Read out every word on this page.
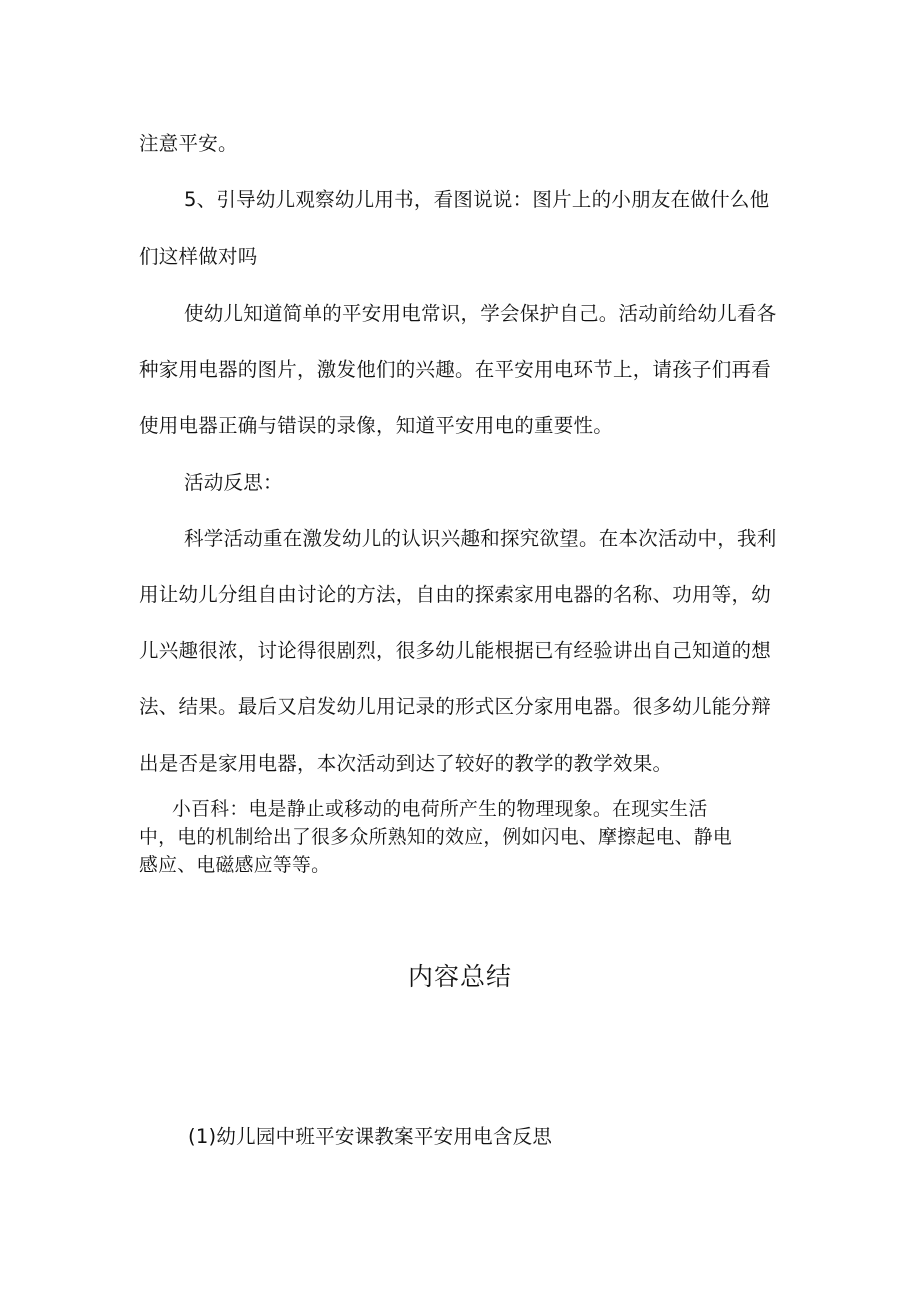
注意平安。
5、引导幼儿观察幼儿用书，看图说说：图片上的小朋友在做什么他
们这样做对吗
使幼儿知道简单的平安用电常识，学会保护自己。活动前给幼儿看各
种家用电器的图片，激发他们的兴趣。在平安用电环节上，请孩子们再看
使用电器正确与错误的录像，知道平安用电的重要性。
活动反思：
科学活动重在激发幼儿的认识兴趣和探究欲望。在本次活动中，我利
用让幼儿分组自由讨论的方法，自由的探索家用电器的名称、功用等，幼
儿兴趣很浓，讨论得很剧烈，很多幼儿能根据已有经验讲出自己知道的想
法、结果。最后又启发幼儿用记录的形式区分家用电器。很多幼儿能分辩
出是否是家用电器，本次活动到达了较好的教学的教学效果。
小百科：电是静止或移动的电荷所产生的物理现象。在现实生活
中，电的机制给出了很多众所熟知的效应，例如闪电、摩擦起电、静电
感应、电磁感应等等。
内容总结
(1)幼儿园中班平安课教案平安用电含反思
